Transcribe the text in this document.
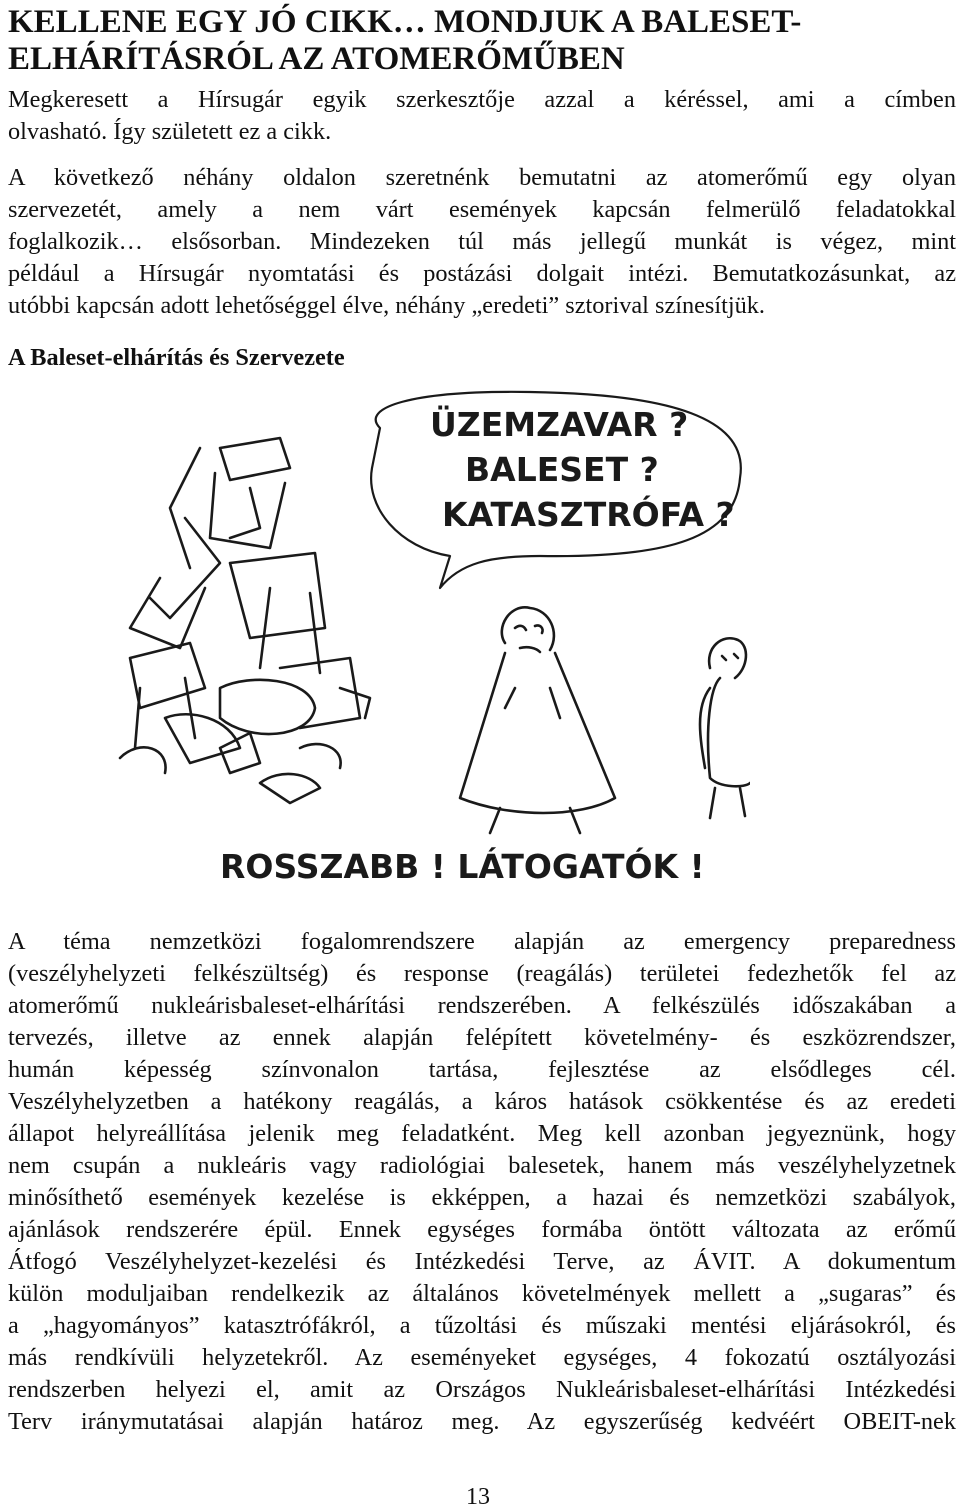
KELLENE EGY JÓ CIKK… MONDJUK A BALESET-
ELHÁRÍTÁSRÓL AZ ATOMERŐMŰBEN
Megkeresett a Hírsugár egyik szerkesztője azzal a kéréssel, ami a címben
olvasható. Így született ez a cikk.
A következő néhány oldalon szeretnénk bemutatni az atomerőmű egy olyan
szervezetét, amely a nem várt események kapcsán felmerülő feladatokkal
foglalkozik… elsősorban. Mindezeken túl más jellegű munkát is végez, mint
például a Hírsugár nyomtatási és postázási dolgait intézi. Bemutatkozásunkat, az
utóbbi kapcsán adott lehetőséggel élve, néhány „eredeti” sztorival színesítjük.
A Baleset-elhárítás és Szervezete
ÜZEMZAVAR ?
BALESET ?
KATASZTRÓFA ?
ROSSZABB ! LÁTOGATÓK !
A téma nemzetközi fogalomrendszere alapján az emergency preparedness
(veszélyhelyzeti felkészültség) és response (reagálás) területei fedezhetők fel az
atomerőmű nukleárisbaleset-elhárítási rendszerében. A felkészülés időszakában a
tervezés, illetve az ennek alapján felépített követelmény- és eszközrendszer,
humán képesség színvonalon tartása, fejlesztése az elsődleges cél.
Veszélyhelyzetben a hatékony reagálás, a káros hatások csökkentése és az eredeti
állapot helyreállítása jelenik meg feladatként. Meg kell azonban jegyeznünk, hogy
nem csupán a nukleáris vagy radiológiai balesetek, hanem más veszélyhelyzetnek
minősíthető események kezelése is ekképpen, a hazai és nemzetközi szabályok,
ajánlások rendszerére épül. Ennek egységes formába öntött változata az erőmű
Átfogó Veszélyhelyzet-kezelési és Intézkedési Terve, az ÁVIT. A dokumentum
külön moduljaiban rendelkezik az általános követelmények mellett a „sugaras” és
a „hagyományos” katasztrófákról, a tűzoltási és műszaki mentési eljárásokról, és
más rendkívüli helyzetekről. Az eseményeket egységes, 4 fokozatú osztályozási
rendszerben helyezi el, amit az Országos Nukleárisbaleset-elhárítási Intézkedési
Terv iránymutatásai alapján határoz meg. Az egyszerűség kedvéért OBEIT-nek
13
